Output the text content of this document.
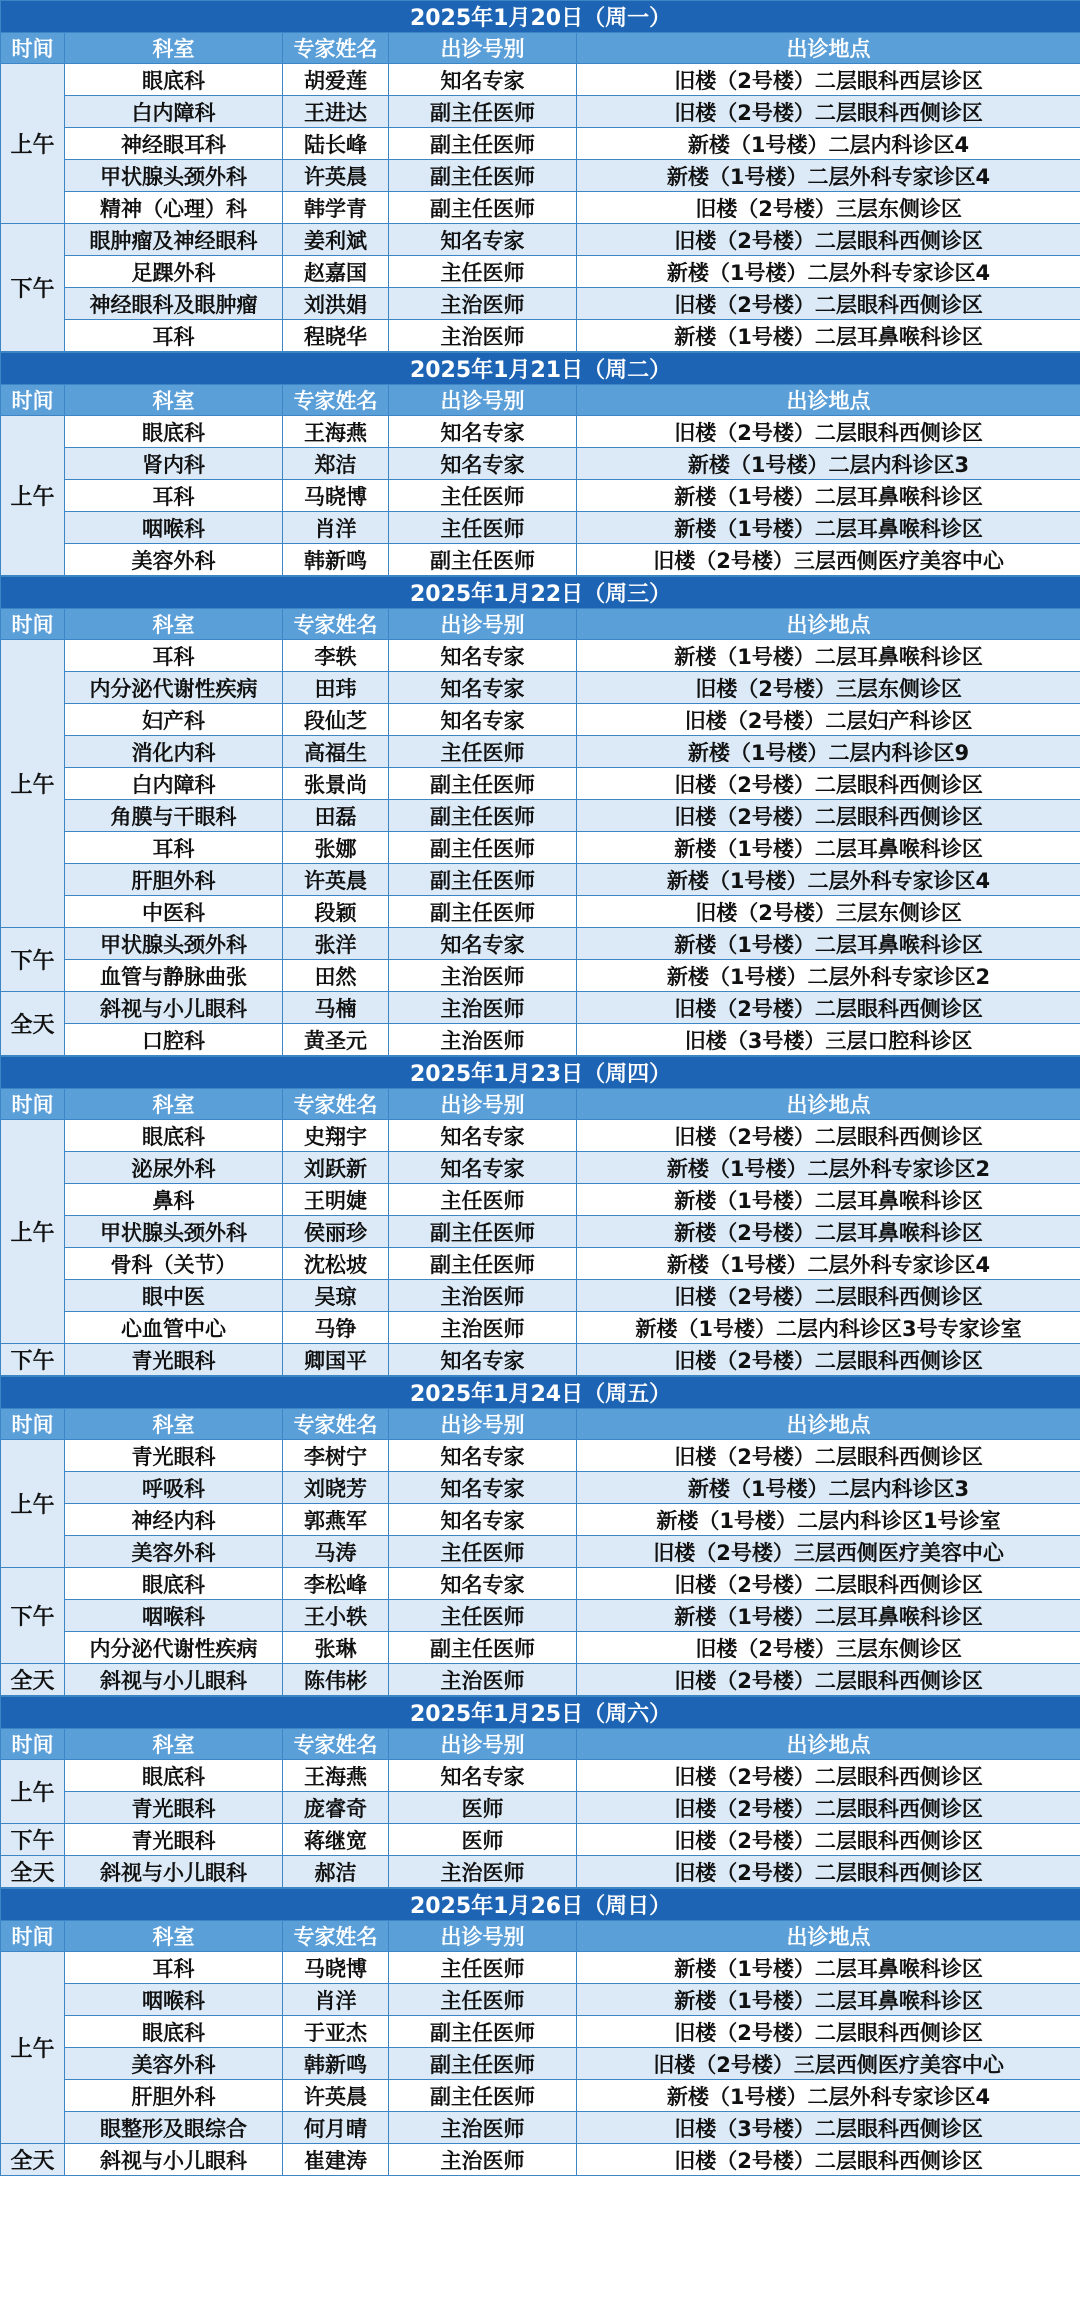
2025年1月20日（周一）				
时间	科室	专家姓名	出诊号别	出诊地点
上午	眼底科	胡爱莲	知名专家	旧楼（2号楼）二层眼科西层诊区
	白内障科	王进达	副主任医师	旧楼（2号楼）二层眼科西侧诊区
	神经眼耳科	陆长峰	副主任医师	新楼（1号楼）二层内科诊区4
	甲状腺头颈外科	许英晨	副主任医师	新楼（1号楼）二层外科专家诊区4
	精神（心理）科	韩学青	副主任医师	旧楼（2号楼）三层东侧诊区
下午	眼肿瘤及神经眼科	姜利斌	知名专家	旧楼（2号楼）二层眼科西侧诊区
	足踝外科	赵嘉国	主任医师	新楼（1号楼）二层外科专家诊区4
	神经眼科及眼肿瘤	刘洪娟	主治医师	旧楼（2号楼）二层眼科西侧诊区
	耳科	程晓华	主治医师	新楼（1号楼）二层耳鼻喉科诊区
2025年1月21日（周二）				
时间	科室	专家姓名	出诊号别	出诊地点
上午	眼底科	王海燕	知名专家	旧楼（2号楼）二层眼科西侧诊区
	肾内科	郑洁	知名专家	新楼（1号楼）二层内科诊区3
	耳科	马晓博	主任医师	新楼（1号楼）二层耳鼻喉科诊区
	咽喉科	肖洋	主任医师	新楼（1号楼）二层耳鼻喉科诊区
	美容外科	韩新鸣	副主任医师	旧楼（2号楼）三层西侧医疗美容中心
2025年1月22日（周三）				
时间	科室	专家姓名	出诊号别	出诊地点
上午	耳科	李轶	知名专家	新楼（1号楼）二层耳鼻喉科诊区
	内分泌代谢性疾病	田玮	知名专家	旧楼（2号楼）三层东侧诊区
	妇产科	段仙芝	知名专家	旧楼（2号楼）二层妇产科诊区
	消化内科	高福生	主任医师	新楼（1号楼）二层内科诊区9
	白内障科	张景尚	副主任医师	旧楼（2号楼）二层眼科西侧诊区
	角膜与干眼科	田磊	副主任医师	旧楼（2号楼）二层眼科西侧诊区
	耳科	张娜	副主任医师	新楼（1号楼）二层耳鼻喉科诊区
	肝胆外科	许英晨	副主任医师	新楼（1号楼）二层外科专家诊区4
	中医科	段颖	副主任医师	旧楼（2号楼）三层东侧诊区
下午	甲状腺头颈外科	张洋	知名专家	新楼（1号楼）二层耳鼻喉科诊区
	血管与静脉曲张	田然	主治医师	新楼（1号楼）二层外科专家诊区2
全天	斜视与小儿眼科	马楠	主治医师	旧楼（2号楼）二层眼科西侧诊区
	口腔科	黄圣元	主治医师	旧楼（3号楼）三层口腔科诊区
2025年1月23日（周四）				
时间	科室	专家姓名	出诊号别	出诊地点
上午	眼底科	史翔宇	知名专家	旧楼（2号楼）二层眼科西侧诊区
	泌尿外科	刘跃新	知名专家	新楼（1号楼）二层外科专家诊区2
	鼻科	王明婕	主任医师	新楼（1号楼）二层耳鼻喉科诊区
	甲状腺头颈外科	侯丽珍	副主任医师	新楼（2号楼）二层耳鼻喉科诊区
	骨科（关节）	沈松坡	副主任医师	新楼（1号楼）二层外科专家诊区4
	眼中医	吴琼	主治医师	旧楼（2号楼）二层眼科西侧诊区
	心血管中心	马铮	主治医师	新楼（1号楼）二层内科诊区3号专家诊室
下午	青光眼科	卿国平	知名专家	旧楼（2号楼）二层眼科西侧诊区
2025年1月24日（周五）				
时间	科室	专家姓名	出诊号别	出诊地点
上午	青光眼科	李树宁	知名专家	旧楼（2号楼）二层眼科西侧诊区
	呼吸科	刘晓芳	知名专家	新楼（1号楼）二层内科诊区3
	神经内科	郭燕军	知名专家	新楼（1号楼）二层内科诊区1号诊室
	美容外科	马涛	主任医师	旧楼（2号楼）三层西侧医疗美容中心
下午	眼底科	李松峰	知名专家	旧楼（2号楼）二层眼科西侧诊区
	咽喉科	王小轶	主任医师	新楼（1号楼）二层耳鼻喉科诊区
	内分泌代谢性疾病	张琳	副主任医师	旧楼（2号楼）三层东侧诊区
全天	斜视与小儿眼科	陈伟彬	主治医师	旧楼（2号楼）二层眼科西侧诊区
2025年1月25日（周六）				
时间	科室	专家姓名	出诊号别	出诊地点
上午	眼底科	王海燕	知名专家	旧楼（2号楼）二层眼科西侧诊区
	青光眼科	庞睿奇	医师	旧楼（2号楼）二层眼科西侧诊区
下午	青光眼科	蒋继宽	医师	旧楼（2号楼）二层眼科西侧诊区
全天	斜视与小儿眼科	郝洁	主治医师	旧楼（2号楼）二层眼科西侧诊区
2025年1月26日（周日）				
时间	科室	专家姓名	出诊号别	出诊地点
上午	耳科	马晓博	主任医师	新楼（1号楼）二层耳鼻喉科诊区
	咽喉科	肖洋	主任医师	新楼（1号楼）二层耳鼻喉科诊区
	眼底科	于亚杰	副主任医师	旧楼（2号楼）二层眼科西侧诊区
	美容外科	韩新鸣	副主任医师	旧楼（2号楼）三层西侧医疗美容中心
	肝胆外科	许英晨	副主任医师	新楼（1号楼）二层外科专家诊区4
	眼整形及眼综合	何月晴	主治医师	旧楼（3号楼）二层眼科西侧诊区
全天	斜视与小儿眼科	崔建涛	主治医师	旧楼（2号楼）二层眼科西侧诊区
